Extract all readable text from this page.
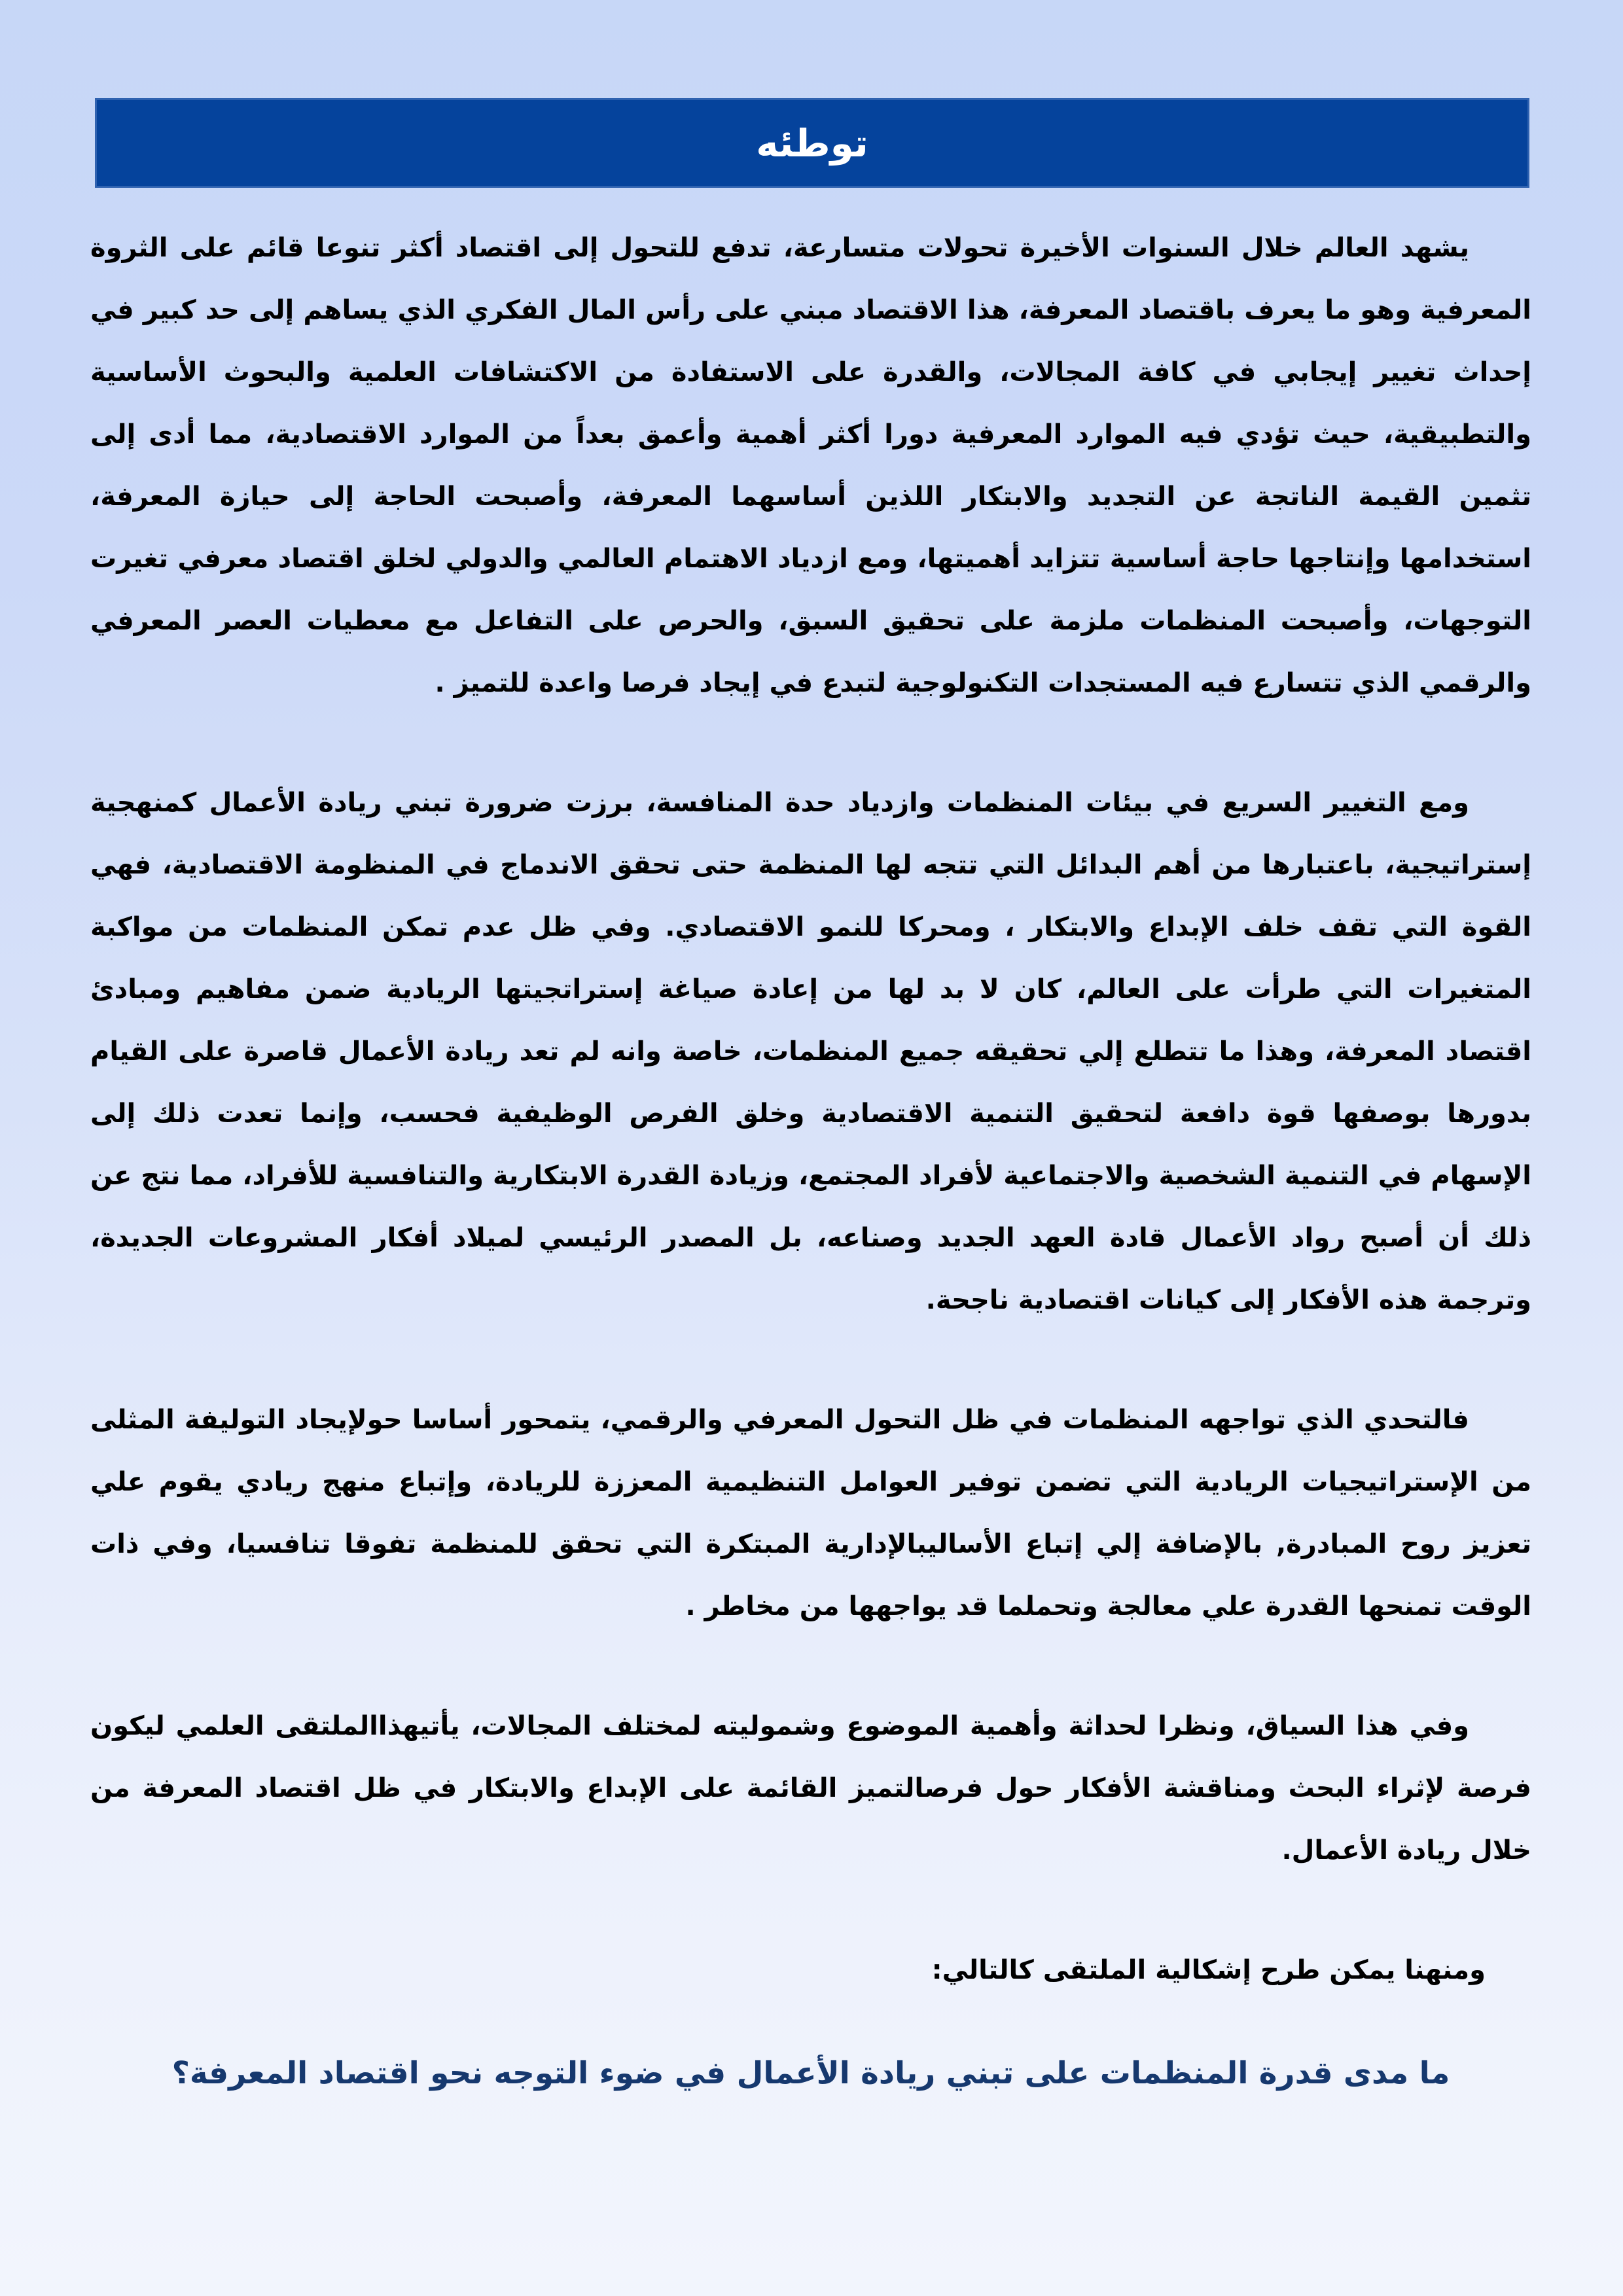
توطئه

يشهد العالم خلال السنوات الأخيرة تحولات متسارعة، تدفع للتحول إلى اقتصاد أكثر تنوعا قائم على الثروة المعرفية وهو ما يعرف باقتصاد المعرفة، هذا الاقتصاد مبني على رأس المال الفكري الذي يساهم إلى حد كبير في إحداث تغيير إيجابي في كافة المجالات، والقدرة على الاستفادة من الاكتشافات العلمية والبحوث الأساسية والتطبيقية، حيث تؤدي فيه الموارد المعرفية دورا أكثر أهمية وأعمق بعداً من الموارد الاقتصادية، مما أدى إلى تثمين القيمة الناتجة عن التجديد والابتكار اللذين أساسهما المعرفة، وأصبحت الحاجة إلى حيازة المعرفة، استخدامها وإنتاجها حاجة أساسية تتزايد أهميتها، ومع ازدياد الاهتمام العالمي والدولي لخلق اقتصاد معرفي تغيرت التوجهات، وأصبحت المنظمات ملزمة على تحقيق السبق، والحرص على التفاعل مع معطيات العصر المعرفي والرقمي الذي تتسارع فيه المستجدات التكنولوجية لتبدع في إيجاد فرصا واعدة للتميز .

ومع التغيير السريع في بيئات المنظمات وازدياد حدة المنافسة، برزت ضرورة تبني ريادة الأعمال كمنهجية إستراتيجية، باعتبارها من أهم البدائل التي تتجه لها المنظمة حتى تحقق الاندماج في المنظومة الاقتصادية، فهي القوة التي تقف خلف الإبداع والابتكار ، ومحركا للنمو الاقتصادي. وفي ظل عدم تمكن المنظمات من مواكبة المتغيرات التي طرأت على العالم، كان لا بد لها من إعادة صياغة إستراتجيتها الريادية ضمن مفاهيم ومبادئ اقتصاد المعرفة، وهذا ما تتطلع إلي تحقيقه جميع المنظمات، خاصة وانه لم تعد ريادة الأعمال قاصرة على القيام بدورها بوصفها قوة دافعة لتحقيق التنمية الاقتصادية وخلق الفرص الوظيفية فحسب، وإنما تعدت ذلك إلى الإسهام في التنمية الشخصية والاجتماعية لأفراد المجتمع، وزيادة القدرة الابتكارية والتنافسية للأفراد، مما نتج عن ذلك أن أصبح رواد الأعمال قادة العهد الجديد وصناعه، بل المصدر الرئيسي لميلاد أفكار المشروعات الجديدة، وترجمة هذه الأفكار إلى كيانات اقتصادية ناجحة.

فالتحدي الذي تواجهه المنظمات في ظل التحول المعرفي والرقمي، يتمحور أساسا حولإيجاد التوليفة المثلى من الإستراتيجيات الريادية التي تضمن توفير العوامل التنظيمية المعززة للريادة، وإتباع منهج ريادي يقوم علي تعزيز روح المبادرة, بالإضافة إلي إتباع الأساليبالإدارية المبتكرة التي تحقق للمنظمة تفوقا تنافسيا، وفي ذات الوقت تمنحها القدرة علي معالجة وتحملما قد يواجهها من مخاطر .

وفي هذا السياق، ونظرا لحداثة وأهمية الموضوع وشموليته لمختلف المجالات، يأتيهذاالملتقى العلمي ليكون فرصة لإثراء البحث ومناقشة الأفكار حول فرصالتميز القائمة على الإبداع والابتكار في ظل اقتصاد المعرفة من خلال ريادة الأعمال.

ومنهنا يمكن طرح إشكالية الملتقى كالتالي:

ما مدى قدرة المنظمات على تبني ريادة الأعمال في ضوء التوجه نحو اقتصاد المعرفة؟
